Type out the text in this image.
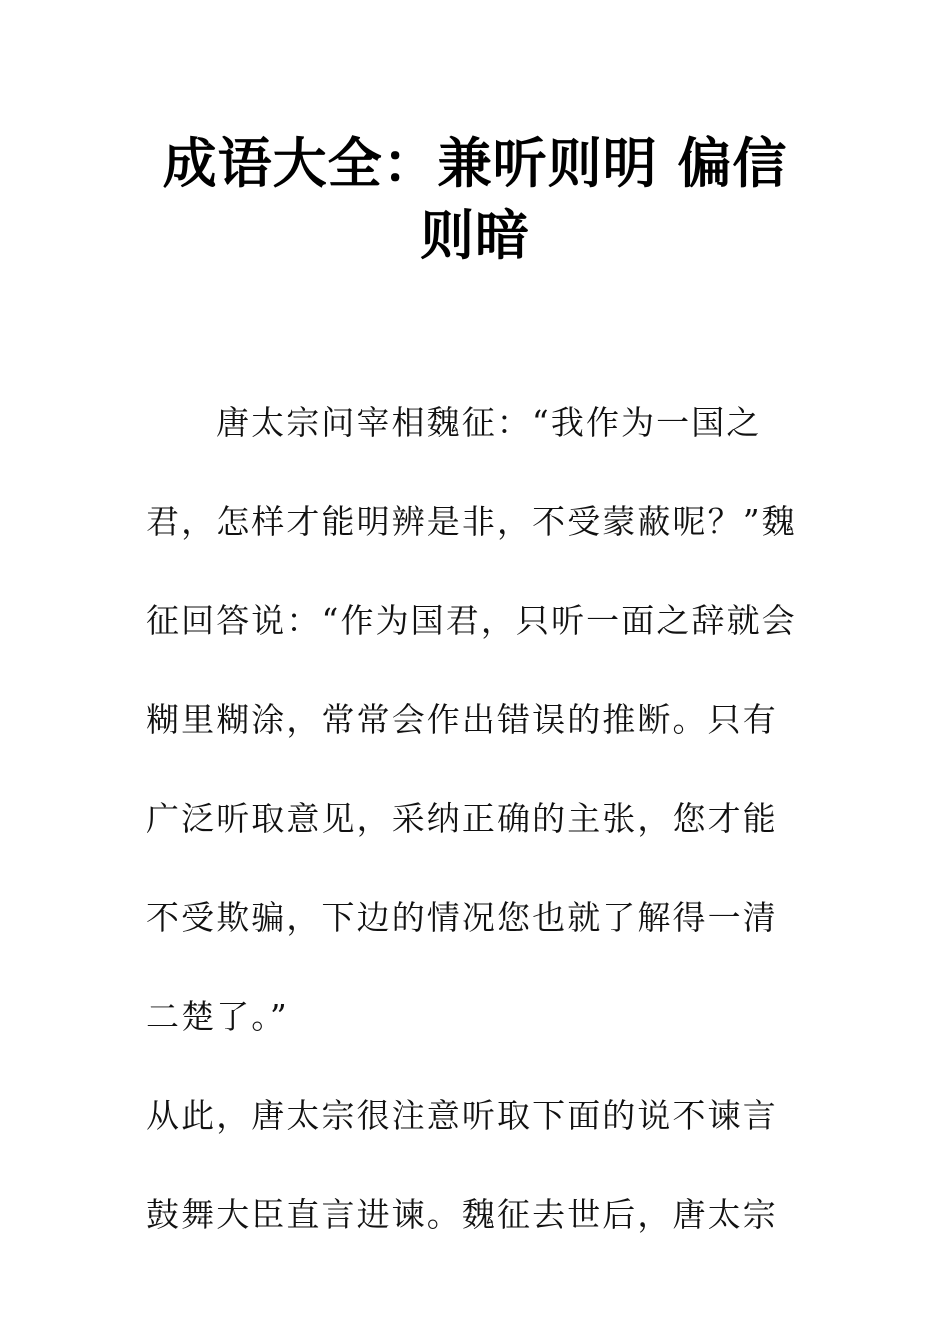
成语大全：兼听则明 偏信则暗

唐太宗问宰相魏征：“我作为一国之君，怎样才能明辨是非，不受蒙蔽呢？”魏征回答说：“作为国君，只听一面之辞就会糊里糊涂，常常会作出错误的推断。只有广泛听取意见，采纳正确的主张，您才能不受欺骗，下边的情况您也就了解得一清二楚了。”

从此，唐太宗很注意听取下面的说不谏言鼓舞大臣直言进谏。魏征去世后，唐太宗
